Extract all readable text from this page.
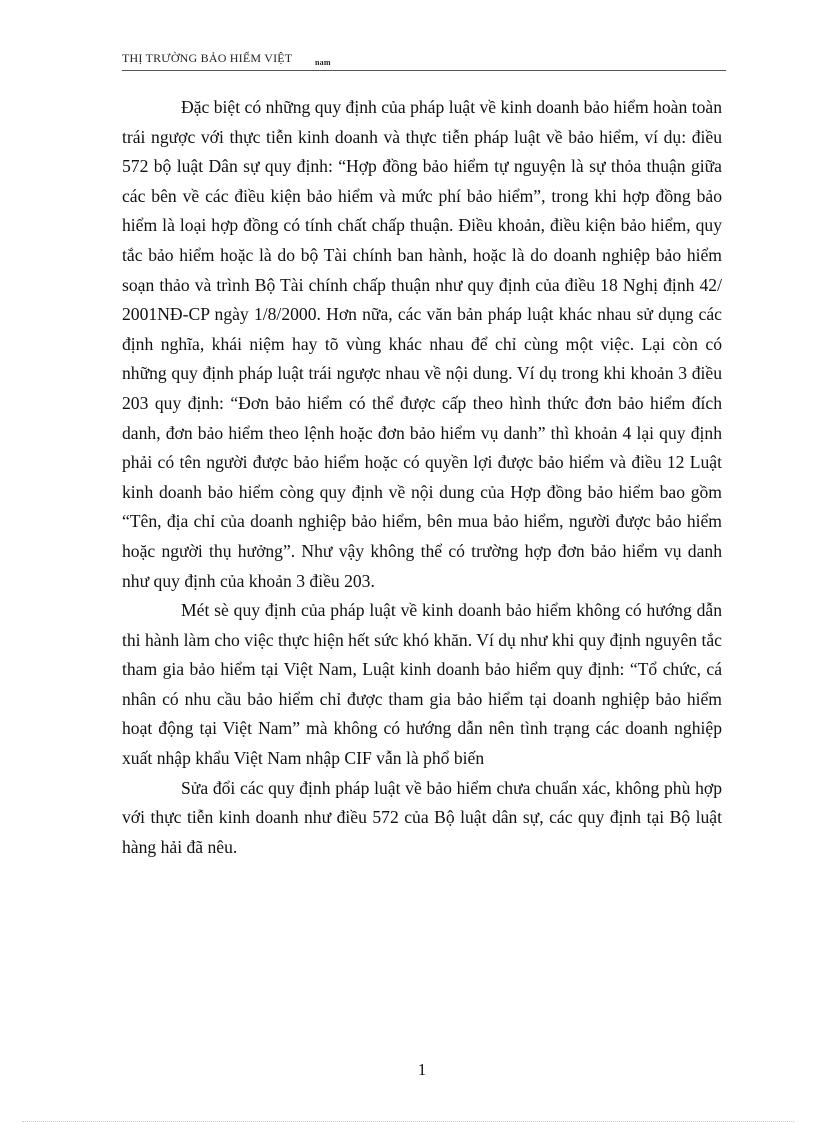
THỊ TRƯỜNG BẢO HIỂM VIỆT	nam

Đặc biệt có những quy định của pháp luật về kinh doanh bảo hiểm hoàn toàn trái ngược với thực tiễn kinh doanh và thực tiễn pháp luật về bảo hiểm, ví dụ: điều 572 bộ luật Dân sự quy định: “Hợp đồng bảo hiểm tự nguyện là sự thỏa thuận giữa các bên về các điều kiện bảo hiểm và mức phí bảo hiểm”, trong khi hợp đồng bảo hiểm là loại hợp đồng có tính chất chấp thuận. Điều khoản, điều kiện bảo hiểm, quy tắc bảo hiểm hoặc là do bộ Tài chính ban hành, hoặc là do doanh nghiệp bảo hiểm soạn thảo và trình Bộ Tài chính chấp thuận như quy định của điều 18 Nghị định 42/ 2001NĐ-CP ngày 1/8/2000. Hơn nữa, các văn bản pháp luật khác nhau sử dụng các định nghĩa, khái niệm hay tõ vùng khác nhau để chỉ cùng một việc. Lại còn có những quy định pháp luật trái ngược nhau về nội dung. Ví dụ trong khi khoản 3 điều 203 quy định: “Đơn bảo hiểm có thể được cấp theo hình thức đơn bảo hiểm đích danh, đơn bảo hiểm theo lệnh hoặc đơn bảo hiểm vụ danh” thì khoản 4 lại quy định phải có tên người được bảo hiểm hoặc có quyền lợi được bảo hiểm và điều 12 Luật kinh doanh bảo hiểm còng quy định về nội dung của Hợp đồng bảo hiểm bao gồm “Tên, địa chỉ của doanh nghiệp bảo hiểm, bên mua bảo hiểm, người được bảo hiểm hoặc người thụ hưởng”. Như vậy không thể có trường hợp đơn bảo hiểm vụ danh như quy định của khoản 3 điều 203.

Mét sè quy định của pháp luật về kinh doanh bảo hiểm không có hướng dẫn thi hành làm cho việc thực hiện hết sức khó khăn. Ví dụ như khi quy định nguyên tắc tham gia bảo hiểm tại Việt Nam, Luật kinh doanh bảo hiểm quy định: “Tổ chức, cá nhân có nhu cầu bảo hiểm chỉ được tham gia bảo hiểm tại doanh nghiệp bảo hiểm hoạt động tại Việt Nam” mà không có hướng dẫn nên tình trạng các doanh nghiệp xuất nhập khẩu Việt Nam nhập CIF vẫn là phổ biến

Sửa đổi các quy định pháp luật về bảo hiểm chưa chuẩn xác, không phù hợp với thực tiễn kinh doanh như điều 572 của Bộ luật dân sự, các quy định tại Bộ luật hàng hải đã nêu.

1
